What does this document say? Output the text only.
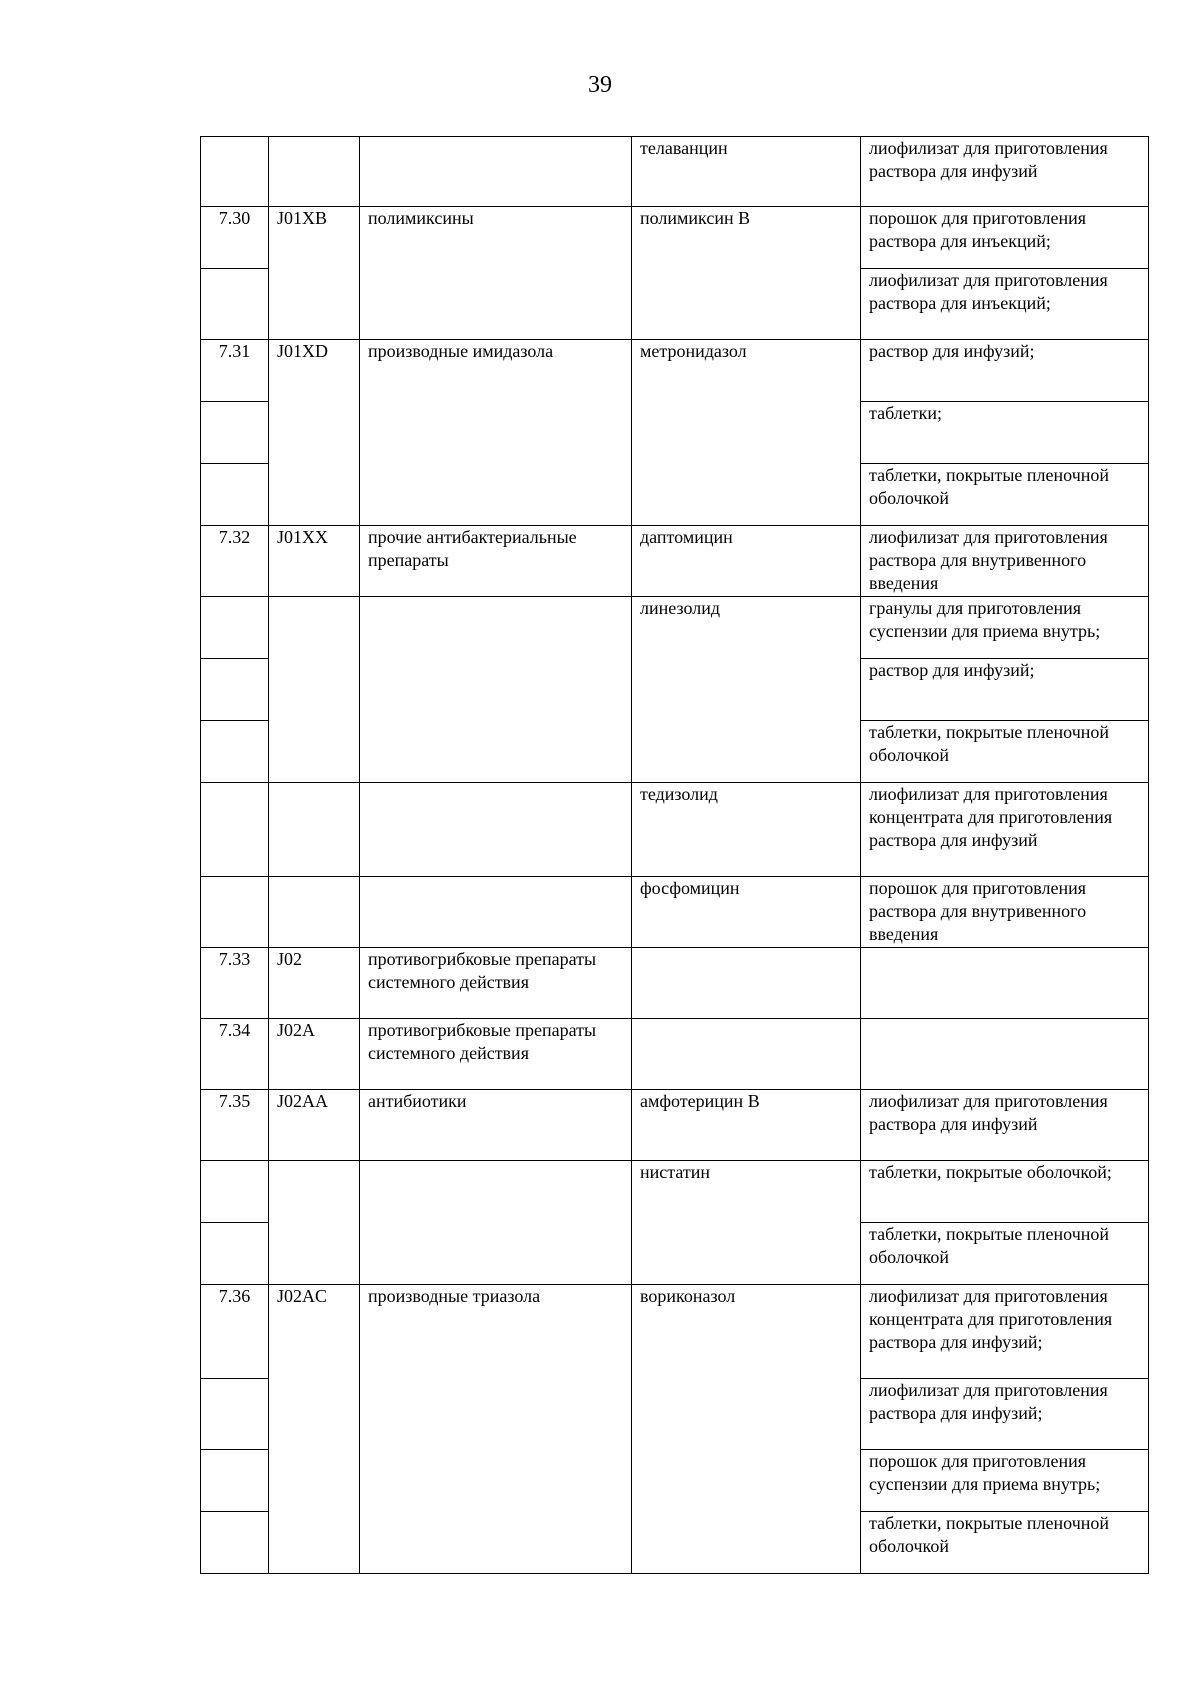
39
			телаванцин	лиофилизат для приготовления раствора для инфузий
7.30	J01XB	полимиксины	полимиксин В	порошок для приготовления раствора для инъекций;
				лиофилизат для приготовления раствора для инъекций;
7.31	J01XD	производные имидазола	метронидазол	раствор для инфузий;
				таблетки;
				таблетки, покрытые пленочной оболочкой
7.32	J01XX	прочие антибактериальные препараты	даптомицин	лиофилизат для приготовления раствора для внутривенного введения
			линезолид	гранулы для приготовления суспензии для приема внутрь;
				раствор для инфузий;
				таблетки, покрытые пленочной оболочкой
			тедизолид	лиофилизат для приготовления концентрата для приготовления раствора для инфузий
			фосфомицин	порошок для приготовления раствора для внутривенного введения
7.33	J02	противогрибковые препараты системного действия		
7.34	J02A	противогрибковые препараты системного действия		
7.35	J02AA	антибиотики	амфотерицин В	лиофилизат для приготовления раствора для инфузий
			нистатин	таблетки, покрытые оболочкой;
				таблетки, покрытые пленочной оболочкой
7.36	J02AC	производные триазола	вориконазол	лиофилизат для приготовления концентрата для приготовления раствора для инфузий;
				лиофилизат для приготовления раствора для инфузий;
				порошок для приготовления суспензии для приема внутрь;
				таблетки, покрытые пленочной оболочкой
